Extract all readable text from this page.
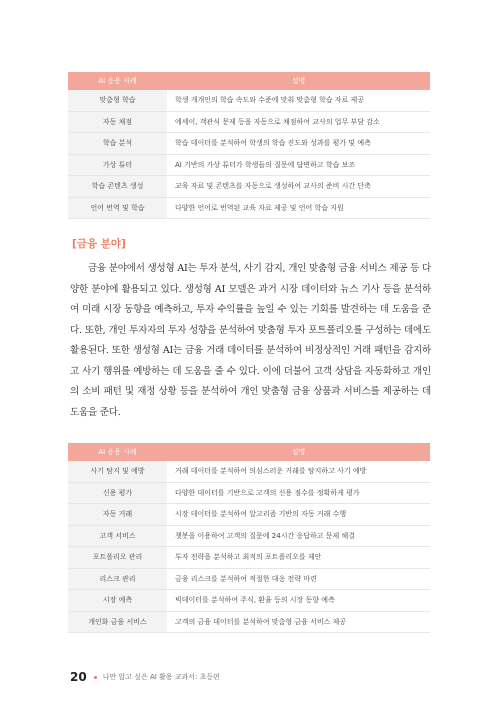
AI 응용 사례	설명
맞춤형 학습	학생 개개인의 학습 속도와 수준에 맞춰 맞춤형 학습 자료 제공
자동 채점	에세이, 객관식 문제 등을 자동으로 채점하여 교사의 업무 부담 감소
학습 분석	학습 데이터를 분석하여 학생의 학습 진도와 성과를 평가 및 예측
가상 튜터	AI 기반의 가상 튜터가 학생들의 질문에 답변하고 학습 보조
학습 콘텐츠 생성	교육 자료 및 콘텐츠를 자동으로 생성하여 교사의 준비 시간 단축
언어 번역 및 학습	다양한 언어로 번역된 교육 자료 제공 및 언어 학습 지원
[금융 분야]

금융 분야에서 생성형 AI는 투자 분석, 사기 감지, 개인 맞춤형 금융 서비스 제공 등 다양한 분야에 활용되고 있다. 생성형 AI 모델은 과거 시장 데이터와 뉴스 기사 등을 분석하여 미래 시장 동향을 예측하고, 투자 수익률을 높일 수 있는 기회를 발견하는 데 도움을 준다. 또한, 개인 투자자의 투자 성향을 분석하여 맞춤형 투자 포트폴리오를 구성하는 데에도 활용된다. 또한 생성형 AI는 금융 거래 데이터를 분석하여 비정상적인 거래 패턴을 감지하고 사기 행위를 예방하는 데 도움을 줄 수 있다. 이에 더불어 고객 상담을 자동화하고 개인의 소비 패턴 및 재정 상황 등을 분석하여 개인 맞춤형 금융 상품과 서비스를 제공하는 데 도움을 준다.

AI 응용 사례	설명
사기 탐지 및 예방	거래 데이터를 분석하여 의심스러운 거래를 탐지하고 사기 예방
신용 평가	다양한 데이터를 기반으로 고객의 신용 점수를 정확하게 평가
자동 거래	시장 데이터를 분석하여 알고리즘 기반의 자동 거래 수행
고객 서비스	챗봇을 이용하여 고객의 질문에 24시간 응답하고 문제 해결
포트폴리오 관리	투자 전략을 분석하고 최적의 포트폴리오를 제안
리스크 관리	금융 리스크를 분석하여 적절한 대응 전략 마련
시장 예측	빅데이터를 분석하여 주식, 환율 등의 시장 동향 예측
개인화 금융 서비스	고객의 금융 데이터를 분석하여 맞춤형 금융 서비스 제공
20 나만 알고 싶은 AI 활용 교과서: 초등편
